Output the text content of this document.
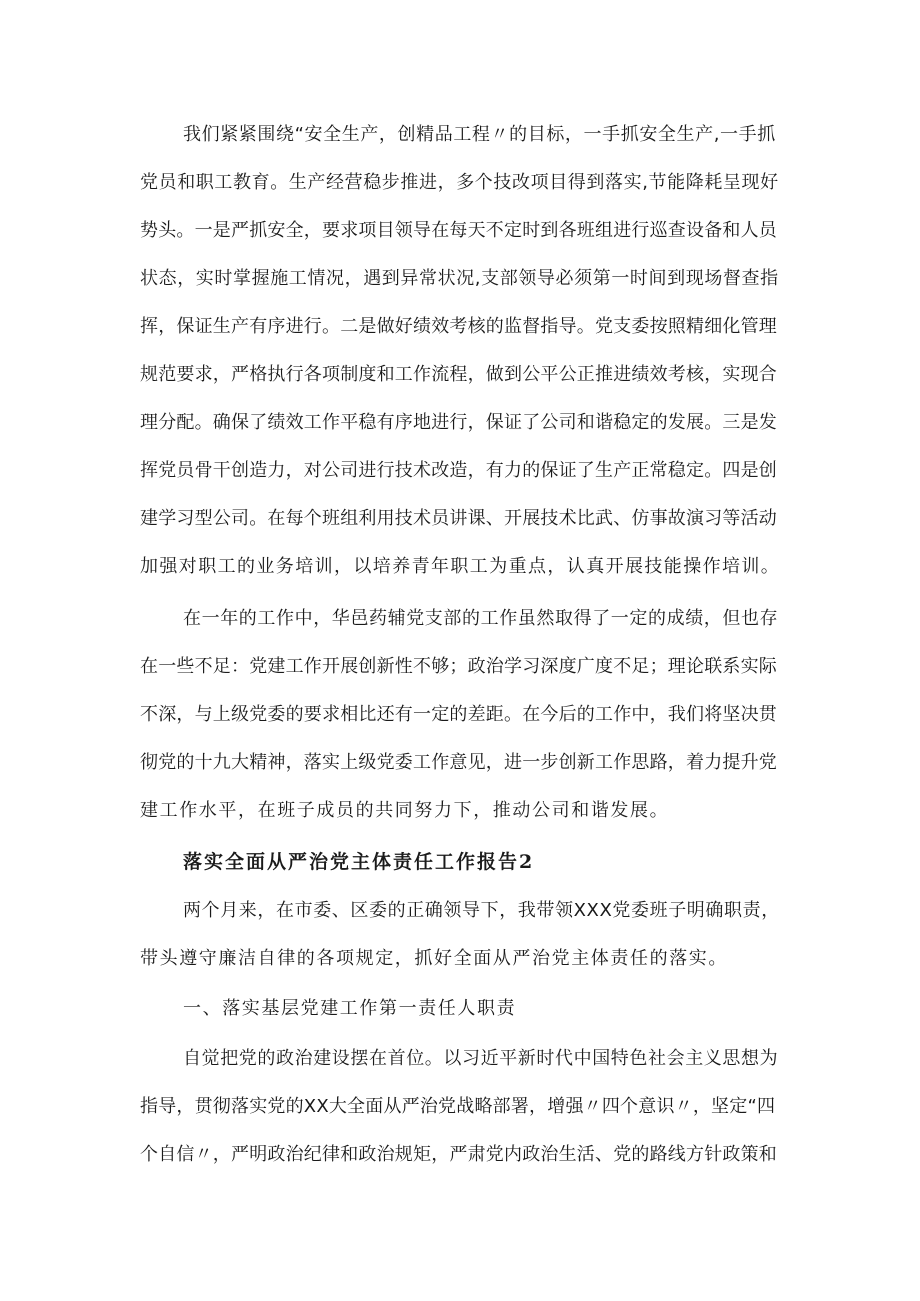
我们紧紧围绕“安全生产，创精品工程〃的目标，一手抓安全生产,一手抓
党员和职工教育。生产经营稳步推进，多个技改项目得到落实,节能降耗呈现好
势头。一是严抓安全，要求项目领导在每天不定时到各班组进行巡查设备和人员
状态，实时掌握施工情况，遇到异常状况,支部领导必须第一时间到现场督查指
挥，保证生产有序进行。二是做好绩效考核的监督指导。党支委按照精细化管理
规范要求，严格执行各项制度和工作流程，做到公平公正推进绩效考核，实现合
理分配。确保了绩效工作平稳有序地进行，保证了公司和谐稳定的发展。三是发
挥党员骨干创造力，对公司进行技术改造，有力的保证了生产正常稳定。四是创
建学习型公司。在每个班组利用技术员讲课、开展技术比武、仿事故演习等活动
加强对职工的业务培训，以培养青年职工为重点，认真开展技能操作培训。
在一年的工作中，华邑药辅党支部的工作虽然取得了一定的成绩，但也存
在一些不足：党建工作开展创新性不够；政治学习深度广度不足；理论联系实际
不深，与上级党委的要求相比还有一定的差距。在今后的工作中，我们将坚决贯
彻党的十九大精神，落实上级党委工作意见，进一步创新工作思路，着力提升党
建工作水平，在班子成员的共同努力下，推动公司和谐发展。
落实全面从严治党主体责任工作报告2
两个月来，在市委、区委的正确领导下，我带领XXX党委班子明确职责，
带头遵守廉洁自律的各项规定，抓好全面从严治党主体责任的落实。
一、落实基层党建工作第一责任人职责
自觉把党的政治建设摆在首位。以习近平新时代中国特色社会主义思想为
指导，贯彻落实党的XX大全面从严治党战略部署，增强〃四个意识〃，坚定“四
个自信〃，严明政治纪律和政治规矩，严肃党内政治生活、党的路线方针政策和
